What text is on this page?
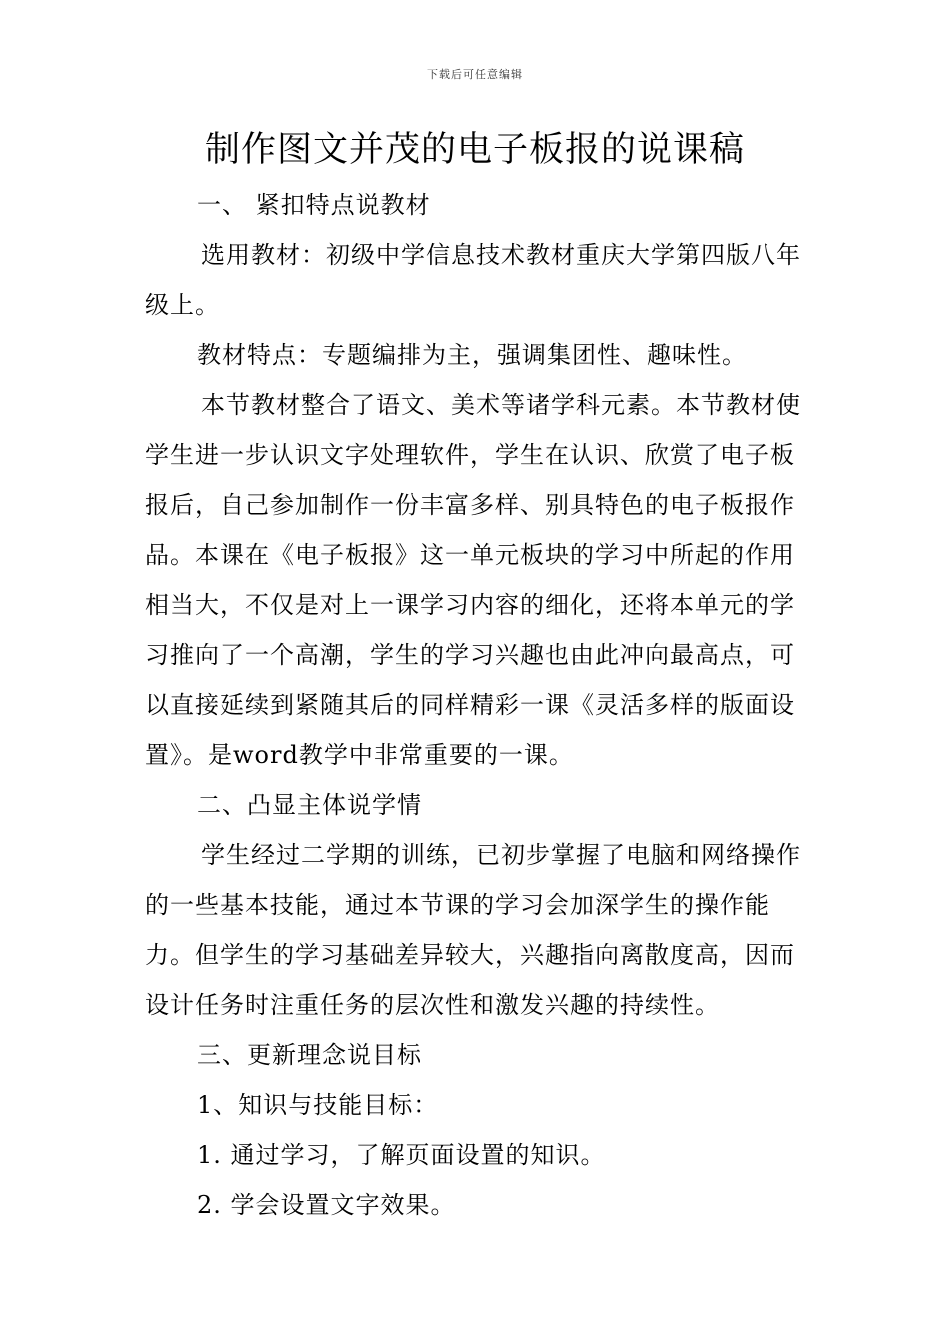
下载后可任意编辑
制作图文并茂的电子板报的说课稿

一、 紧扣特点说教材

选用教材：初级中学信息技术教材重庆大学第四版八年级上。

教材特点：专题编排为主，强调集团性、趣味性。

本节教材整合了语文、美术等诸学科元素。本节教材使学生进一步认识文字处理软件，学生在认识、欣赏了电子板报后，自己参加制作一份丰富多样、别具特色的电子板报作品。本课在《电子板报》这一单元板块的学习中所起的作用相当大，不仅是对上一课学习内容的细化，还将本单元的学习推向了一个高潮，学生的学习兴趣也由此冲向最高点，可以直接延续到紧随其后的同样精彩一课《灵活多样的版面设置》。是word教学中非常重要的一课。

二、凸显主体说学情

学生经过二学期的训练，已初步掌握了电脑和网络操作的一些基本技能，通过本节课的学习会加深学生的操作能力。但学生的学习基础差异较大，兴趣指向离散度高，因而设计任务时注重任务的层次性和激发兴趣的持续性。

三、更新理念说目标

1、知识与技能目标：

1. 通过学习，了解页面设置的知识。

2. 学会设置文字效果。
